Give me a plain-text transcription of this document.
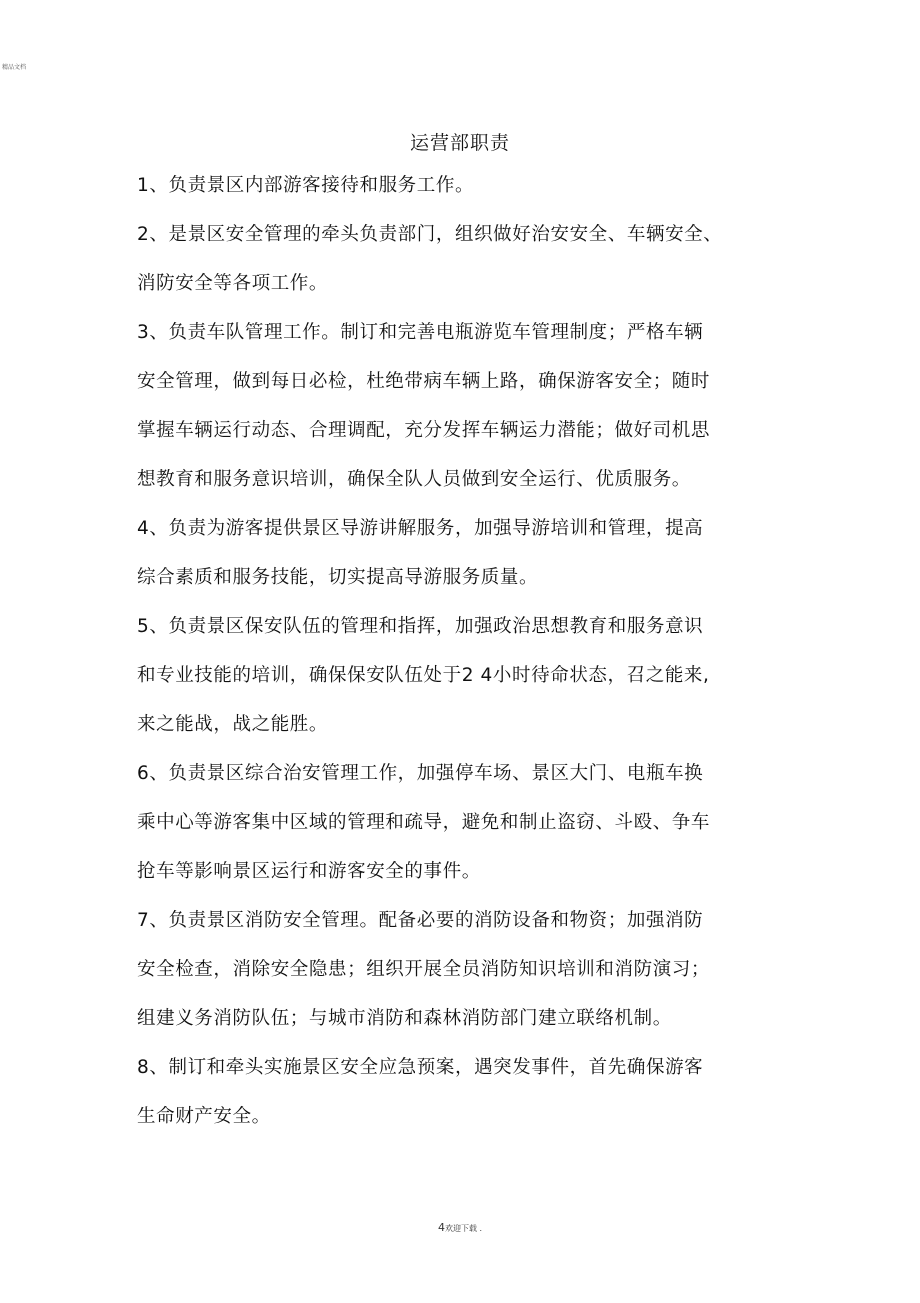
精品文档
运营部职责
1、负责景区内部游客接待和服务工作。
2、是景区安全管理的牵头负责部门，组织做好治安安全、车辆安全、
消防安全等各项工作。
3、负责车队管理工作。制订和完善电瓶游览车管理制度；严格车辆
安全管理，做到每日必检，杜绝带病车辆上路，确保游客安全；随时
掌握车辆运行动态、合理调配，充分发挥车辆运力潜能；做好司机思
想教育和服务意识培训，确保全队人员做到安全运行、优质服务。
4、负责为游客提供景区导游讲解服务，加强导游培训和管理，提高
综合素质和服务技能，切实提高导游服务质量。
5、负责景区保安队伍的管理和指挥，加强政治思想教育和服务意识
和专业技能的培训，确保保安队伍处于2 4小时待命状态，召之能来,
来之能战，战之能胜。
6、负责景区综合治安管理工作，加强停车场、景区大门、电瓶车换
乘中心等游客集中区域的管理和疏导，避免和制止盗窃、斗殴、争车
抢车等影响景区运行和游客安全的事件。
7、负责景区消防安全管理。配备必要的消防设备和物资；加强消防
安全检查，消除安全隐患；组织开展全员消防知识培训和消防演习；
组建义务消防队伍；与城市消防和森林消防部门建立联络机制。
8、制订和牵头实施景区安全应急预案，遇突发事件，首先确保游客
生命财产安全。
4欢迎下载 .
